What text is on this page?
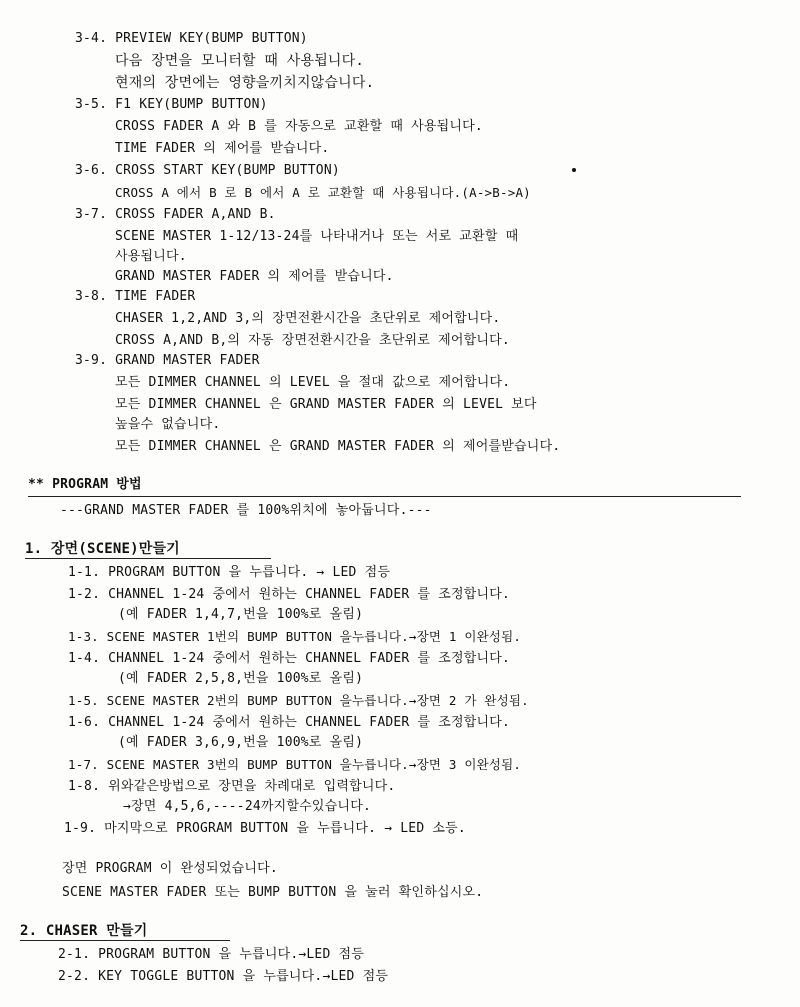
3-4. PREVIEW KEY(BUMP BUTTON)
다음 장면을 모니터할 때 사용됩니다.
현재의 장면에는 영향을끼치지않습니다.
3-5. F1 KEY(BUMP BUTTON)
CROSS FADER A 와 B 를 자동으로 교환할 때 사용됩니다.
TIME FADER 의 제어를 받습니다.
3-6. CROSS START KEY(BUMP BUTTON)
CROSS A 에서 B 로 B 에서 A 로 교환할 때 사용됩니다.(A->B->A)
3-7. CROSS FADER A,AND B.
SCENE MASTER 1-12/13-24를 나타내거나 또는 서로 교환할 때
사용됩니다.
GRAND MASTER FADER 의 제어를 받습니다.
3-8. TIME FADER
CHASER 1,2,AND 3,의 장면전환시간을 초단위로 제어합니다.
CROSS A,AND B,의 자동 장면전환시간을 초단위로 제어합니다.
3-9. GRAND MASTER FADER
모든 DIMMER CHANNEL 의 LEVEL 을 절대 값으로 제어합니다.
모든 DIMMER CHANNEL 은 GRAND MASTER FADER 의 LEVEL 보다
높을수 없습니다.
모든 DIMMER CHANNEL 은 GRAND MASTER FADER 의 제어를받습니다.
** PROGRAM 방법
---GRAND MASTER FADER 를 100%위치에 놓아둡니다.---
1. 장면(SCENE)만들기
1-1. PROGRAM BUTTON 을 누릅니다. → LED 점등
1-2. CHANNEL 1-24 중에서 원하는 CHANNEL FADER 를 조정합니다.
(예 FADER 1,4,7,번을 100%로 올림)
1-3. SCENE MASTER 1번의 BUMP BUTTON 을누릅니다.→장면 1 이완성됨.
1-4. CHANNEL 1-24 중에서 원하는 CHANNEL FADER 를 조정합니다.
(예 FADER 2,5,8,번을 100%로 올림)
1-5. SCENE MASTER 2번의 BUMP BUTTON 을누릅니다.→장면 2 가 완성됨.
1-6. CHANNEL 1-24 중에서 원하는 CHANNEL FADER 를 조정합니다.
(예 FADER 3,6,9,번을 100%로 올림)
1-7. SCENE MASTER 3번의 BUMP BUTTON 을누릅니다.→장면 3 이완성됨.
1-8. 위와같은방법으로 장면을 차례대로 입력합니다.
→장면 4,5,6,----24까지할수있습니다.
1-9. 마지막으로 PROGRAM BUTTON 을 누릅니다. → LED 소등.
장면 PROGRAM 이 완성되었습니다.
SCENE MASTER FADER 또는 BUMP BUTTON 을 눌러 확인하십시오.
2. CHASER 만들기
2-1. PROGRAM BUTTON 을 누릅니다.→LED 점등
2-2. KEY TOGGLE BUTTON 을 누릅니다.→LED 점등
